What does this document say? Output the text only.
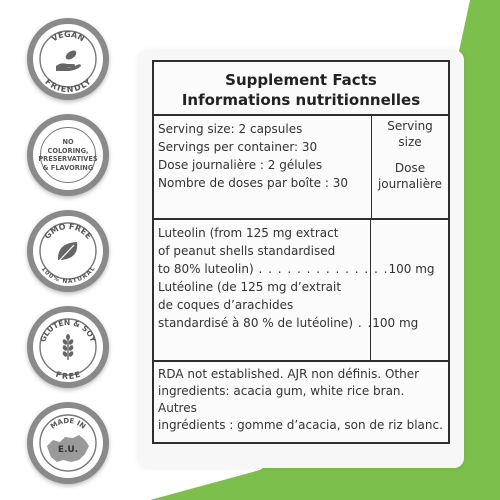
VEGAN
FRIENDLY
NO COLORING,
PRESERVATIVES
& FLAVORING
GMO FREE
100% NATURAL
GLUTEN & SOY
FREE
MADE IN
E.U.
Supplement Facts
Informations nutritionnelles
Serving size: 2 capsules
Servings per container: 30
Dose journalière : 2 gélules
Nombre de doses par boîte : 30
Serving
size
Dose
journalière
Luteolin (from 125 mg extract
of peanut shells standardised
to 80% luteolin) . . . . . . . . . . . . . .100 mg
Lutéoline (de 125 mg d’extrait
de coques d’arachides
standardisé à 80 % de lutéoline) . .100 mg
RDA not established. AJR non définis. Other
ingredients: acacia gum, white rice bran. Autres
ingrédients : gomme d’acacia, son de riz blanc.
